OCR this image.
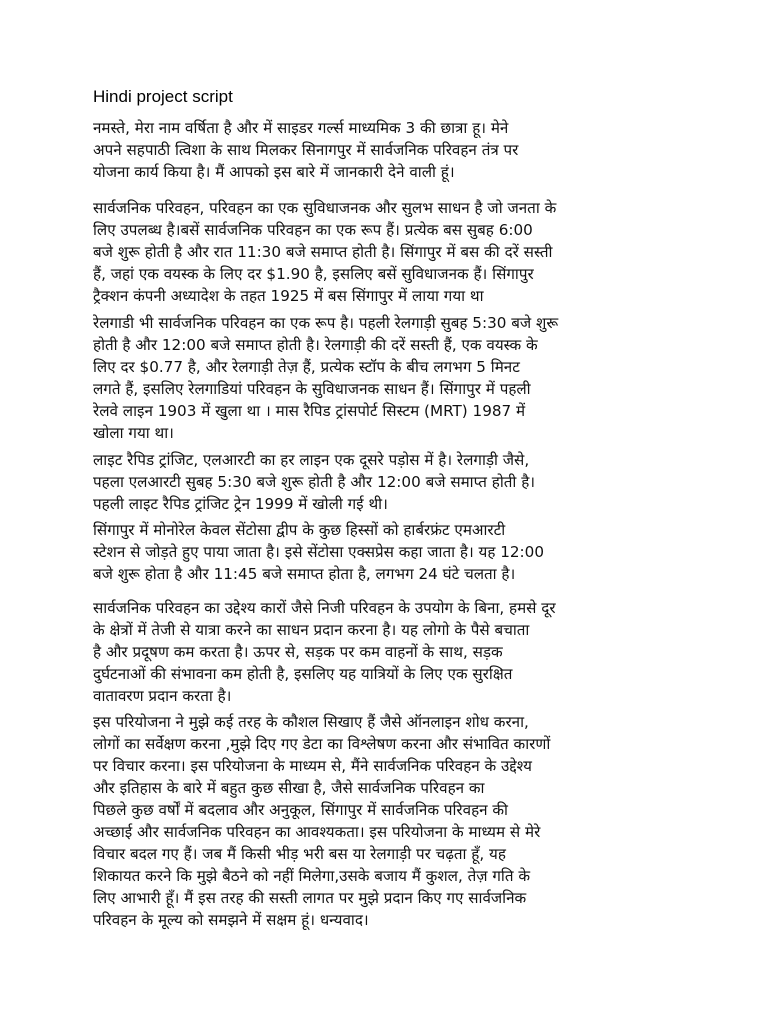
Hindi project script
नमस्ते, मेरा नाम वर्षिता है और में साइडर गर्ल्स माध्यमिक 3 की छात्रा हू। मेने
अपने सहपाठी त्विशा के साथ मिलकर सिनागपुर में सार्वजनिक परिवहन तंत्र पर
योजना कार्य किया है। मैं आपको इस बारे में जानकारी देने वाली हूं।
सार्वजनिक परिवहन, परिवहन का एक सुविधाजनक और सुलभ साधन है जो जनता के
लिए उपलब्ध है।बसें सार्वजनिक परिवहन का एक रूप हैं। प्रत्येक बस सुबह 6:00
बजे शुरू होती है और रात 11:30 बजे समाप्त होती है। सिंगापुर में बस की दरें सस्ती
हैं, जहां एक वयस्क के लिए दर $1.90 है, इसलिए बसें सुविधाजनक हैं। सिंगापुर
ट्रैक्शन कंपनी अध्यादेश के तहत 1925 में बस सिंगापुर में लाया गया था
रेलगाडी भी सार्वजनिक परिवहन का एक रूप है। पहली रेलगाड़ी सुबह 5:30 बजे शुरू
होती है और 12:00 बजे समाप्त होती है। रेलगाड़ी की दरें सस्ती हैं, एक वयस्क के
लिए दर $0.77 है, और रेलगाड़ी तेज़ हैं, प्रत्येक स्टॉप के बीच लगभग 5 मिनट
लगते हैं, इसलिए रेलगाडियां परिवहन के सुविधाजनक साधन हैं। सिंगापुर में पहली
रेलवे लाइन 1903 में खुला था । मास रैपिड ट्रांसपोर्ट सिस्टम (MRT) 1987 में
खोला गया था।
लाइट रैपिड ट्रांजिट, एलआरटी का हर लाइन एक दूसरे पड़ोस में है। रेलगाड़ी जैसे,
पहला एलआरटी सुबह 5:30 बजे शुरू होती है और 12:00 बजे समाप्त होती है।
पहली लाइट रैपिड ट्रांजिट ट्रेन 1999 में खोली गई थी।
सिंगापुर में मोनोरेल केवल सेंटोसा द्वीप के कुछ हिस्सों को हार्बरफ्रंट एमआरटी
स्टेशन से जोड़ते हुए पाया जाता है। इसे सेंटोसा एक्सप्रेस कहा जाता है। यह 12:00
बजे शुरू होता है और 11:45 बजे समाप्त होता है, लगभग 24 घंटे चलता है।
सार्वजनिक परिवहन का उद्देश्य कारों जैसे निजी परिवहन के उपयोग के बिना, हमसे दूर
के क्षेत्रों में तेजी से यात्रा करने का साधन प्रदान करना है। यह लोगो के पैसे बचाता
है और प्रदूषण कम करता है। ऊपर से, सड़क पर कम वाहनों के साथ, सड़क
दुर्घटनाओं की संभावना कम होती है, इसलिए यह यात्रियों के लिए एक सुरक्षित
वातावरण प्रदान करता है।
इस परियोजना ने मुझे कई तरह के कौशल सिखाए हैं जैसे ऑनलाइन शोध करना,
लोगों का सर्वेक्षण करना ,मुझे दिए गए डेटा का विश्लेषण करना और संभावित कारणों
पर विचार करना। इस परियोजना के माध्यम से, मैंने सार्वजनिक परिवहन के उद्देश्य
और इतिहास के बारे में बहुत कुछ सीखा है, जैसे सार्वजनिक परिवहन का
पिछले कुछ वर्षों में बदलाव और अनुकूल, सिंगापुर में सार्वजनिक परिवहन की
अच्छाई और सार्वजनिक परिवहन का आवश्यकता। इस परियोजना के माध्यम से मेरे
विचार बदल गए हैं। जब मैं किसी भीड़ भरी बस या रेलगाड़ी पर चढ़ता हूँ, यह
शिकायत करने कि मुझे बैठने को नहीं मिलेगा,उसके बजाय मैं कुशल, तेज़ गति के
लिए आभारी हूँ। मैं इस तरह की सस्ती लागत पर मुझे प्रदान किए गए सार्वजनिक
परिवहन के मूल्य को समझने में सक्षम हूं। धन्यवाद।
